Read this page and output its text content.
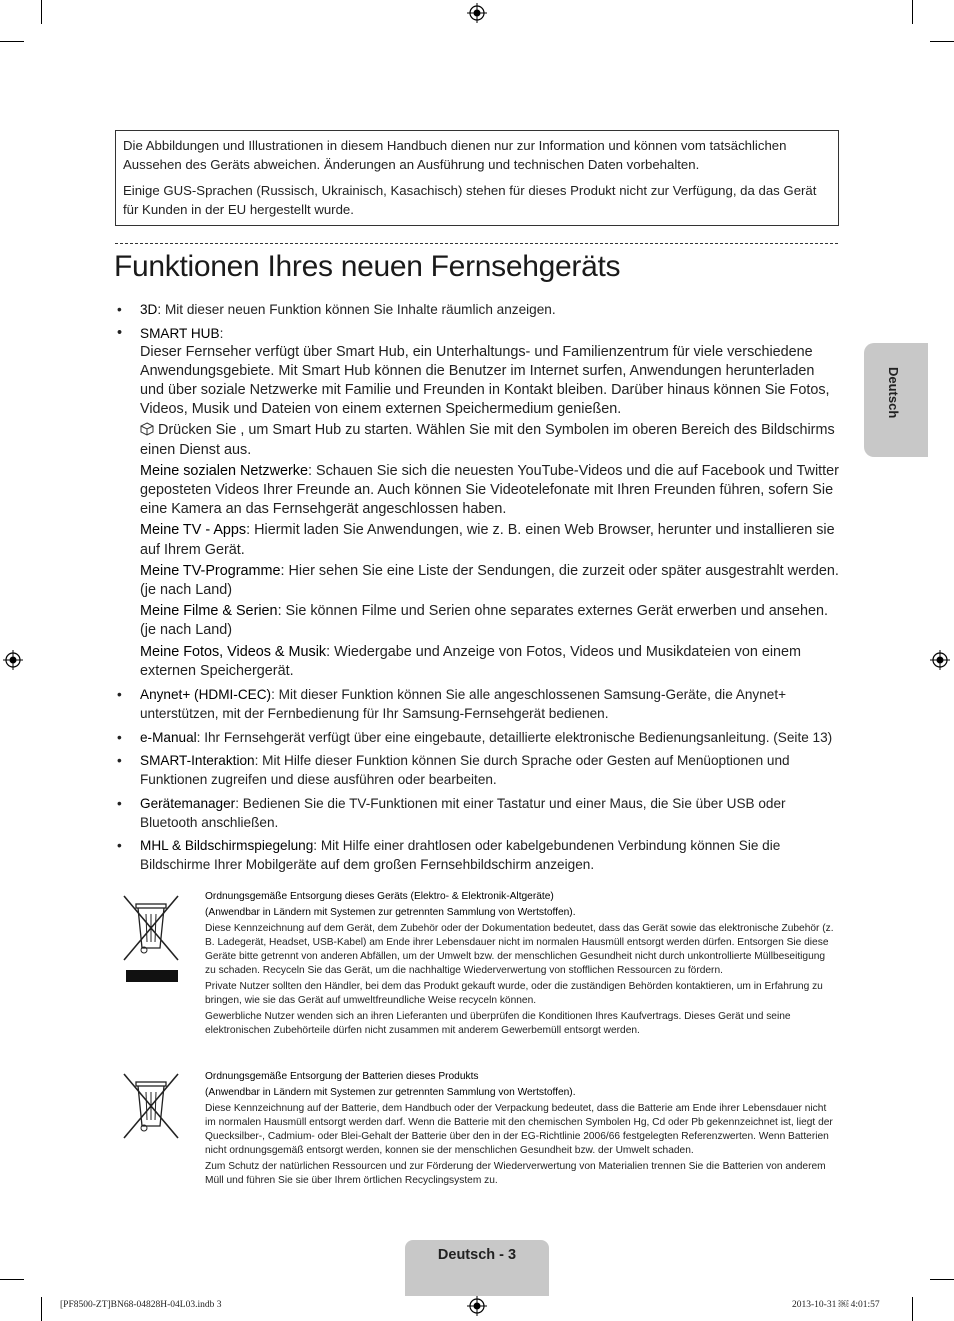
Die Abbildungen und Illustrationen in diesem Handbuch dienen nur zur Information und können vom tatsächlichen Aussehen des Geräts abweichen. Änderungen an Ausführung und technischen Daten vorbehalten.

Einige GUS-Sprachen (Russisch, Ukrainisch, Kasachisch) stehen für dieses Produkt nicht zur Verfügung, da das Gerät für Kunden in der EU hergestellt wurde.

Funktionen Ihres neuen Fernsehgeräts
Deutsch
• 3D: Mit dieser neuen Funktion können Sie Inhalte räumlich anzeigen.
• SMART HUB:

Dieser Fernseher verfügt über Smart Hub, ein Unterhaltungs- und Familienzentrum für viele verschiedene Anwendungsgebiete. Mit Smart Hub können die Benutzer im Internet surfen, Anwendungen herunterladen und über soziale Netzwerke mit Familie und Freunden in Kontakt bleiben. Darüber hinaus können Sie Fotos, Videos, Musik und Dateien von einem externen Speichermedium genießen.

Drücken Sie , um Smart Hub zu starten. Wählen Sie mit den Symbolen im oberen Bereich des Bildschirms einen Dienst aus.

Meine sozialen Netzwerke: Schauen Sie sich die neuesten YouTube-Videos und die auf Facebook und Twitter geposteten Videos Ihrer Freunde an. Auch können Sie Videotelefonate mit Ihren Freunden führen, sofern Sie eine Kamera an das Fernsehgerät angeschlossen haben.

Meine TV - Apps: Hiermit laden Sie Anwendungen, wie z. B. einen Web Browser, herunter und installieren sie auf Ihrem Gerät.

Meine TV-Programme: Hier sehen Sie eine Liste der Sendungen, die zurzeit oder später ausgestrahlt werden. (je nach Land)

Meine Filme & Serien: Sie können Filme und Serien ohne separates externes Gerät erwerben und ansehen. (je nach Land)

Meine Fotos, Videos & Musik: Wiedergabe und Anzeige von Fotos, Videos und Musikdateien von einem externen Speichergerät.

• Anynet+ (HDMI-CEC): Mit dieser Funktion können Sie alle angeschlossenen Samsung-Geräte, die Anynet+ unterstützen, mit der Fernbedienung für Ihr Samsung-Fernsehgerät bedienen.
• e-Manual: Ihr Fernsehgerät verfügt über eine eingebaute, detaillierte elektronische Bedienungsanleitung. (Seite 13)
• SMART-Interaktion: Mit Hilfe dieser Funktion können Sie durch Sprache oder Gesten auf Menüoptionen und Funktionen zugreifen und diese ausführen oder bearbeiten.
• Gerätemanager: Bedienen Sie die TV-Funktionen mit einer Tastatur und einer Maus, die Sie über USB oder Bluetooth anschließen.
• MHL & Bildschirmspiegelung: Mit Hilfe einer drahtlosen oder kabelgebundenen Verbindung können Sie die Bildschirme Ihrer Mobilgeräte auf dem großen Fernsehbildschirm anzeigen.

Ordnungsgemäße Entsorgung dieses Geräts (Elektro- & Elektronik-Altgeräte)

(Anwendbar in Ländern mit Systemen zur getrennten Sammlung von Wertstoffen).

Diese Kennzeichnung auf dem Gerät, dem Zubehör oder der Dokumentation bedeutet, dass das Gerät sowie das elektronische Zubehör (z. B. Ladegerät, Headset, USB-Kabel) am Ende ihrer Lebensdauer nicht im normalen Hausmüll entsorgt werden dürfen. Entsorgen Sie diese Geräte bitte getrennt von anderen Abfällen, um der Umwelt bzw. der menschlichen Gesundheit nicht durch unkontrollierte Müllbeseitigung zu schaden. Recyceln Sie das Gerät, um die nachhaltige Wiederverwertung von stofflichen Ressourcen zu fördern.

Private Nutzer sollten den Händler, bei dem das Produkt gekauft wurde, oder die zuständigen Behörden kontaktieren, um in Erfahrung zu bringen, wie sie das Gerät auf umweltfreundliche Weise recyceln können.

Gewerbliche Nutzer wenden sich an ihren Lieferanten und überprüfen die Konditionen Ihres Kaufvertrags. Dieses Gerät und seine elektronischen Zubehörteile dürfen nicht zusammen mit anderem Gewerbemüll entsorgt werden.

Ordnungsgemäße Entsorgung der Batterien dieses Produkts

(Anwendbar in Ländern mit Systemen zur getrennten Sammlung von Wertstoffen).

Diese Kennzeichnung auf der Batterie, dem Handbuch oder der Verpackung bedeutet, dass die Batterie am Ende ihrer Lebensdauer nicht im normalen Hausmüll entsorgt werden darf. Wenn die Batterie mit den chemischen Symbolen Hg, Cd oder Pb gekennzeichnet ist, liegt der Quecksilber-, Cadmium- oder Blei-Gehalt der Batterie über den in der EG-Richtlinie 2006/66 festgelegten Referenzwerten. Wenn Batterien nicht ordnungsgemäß entsorgt werden, konnen sie der menschlichen Gesundheit bzw. der Umwelt schaden.

Zum Schutz der natürlichen Ressourcen und zur Förderung der Wiederverwertung von Materialien trennen Sie die Batterien von anderem Müll und führen Sie sie über Ihrem örtlichen Recyclingsystem zu.

Deutsch - 3
[PF8500-ZT]BN68-04828H-04L03.indb 3	2013-10-31 ￼ 4:01:57
